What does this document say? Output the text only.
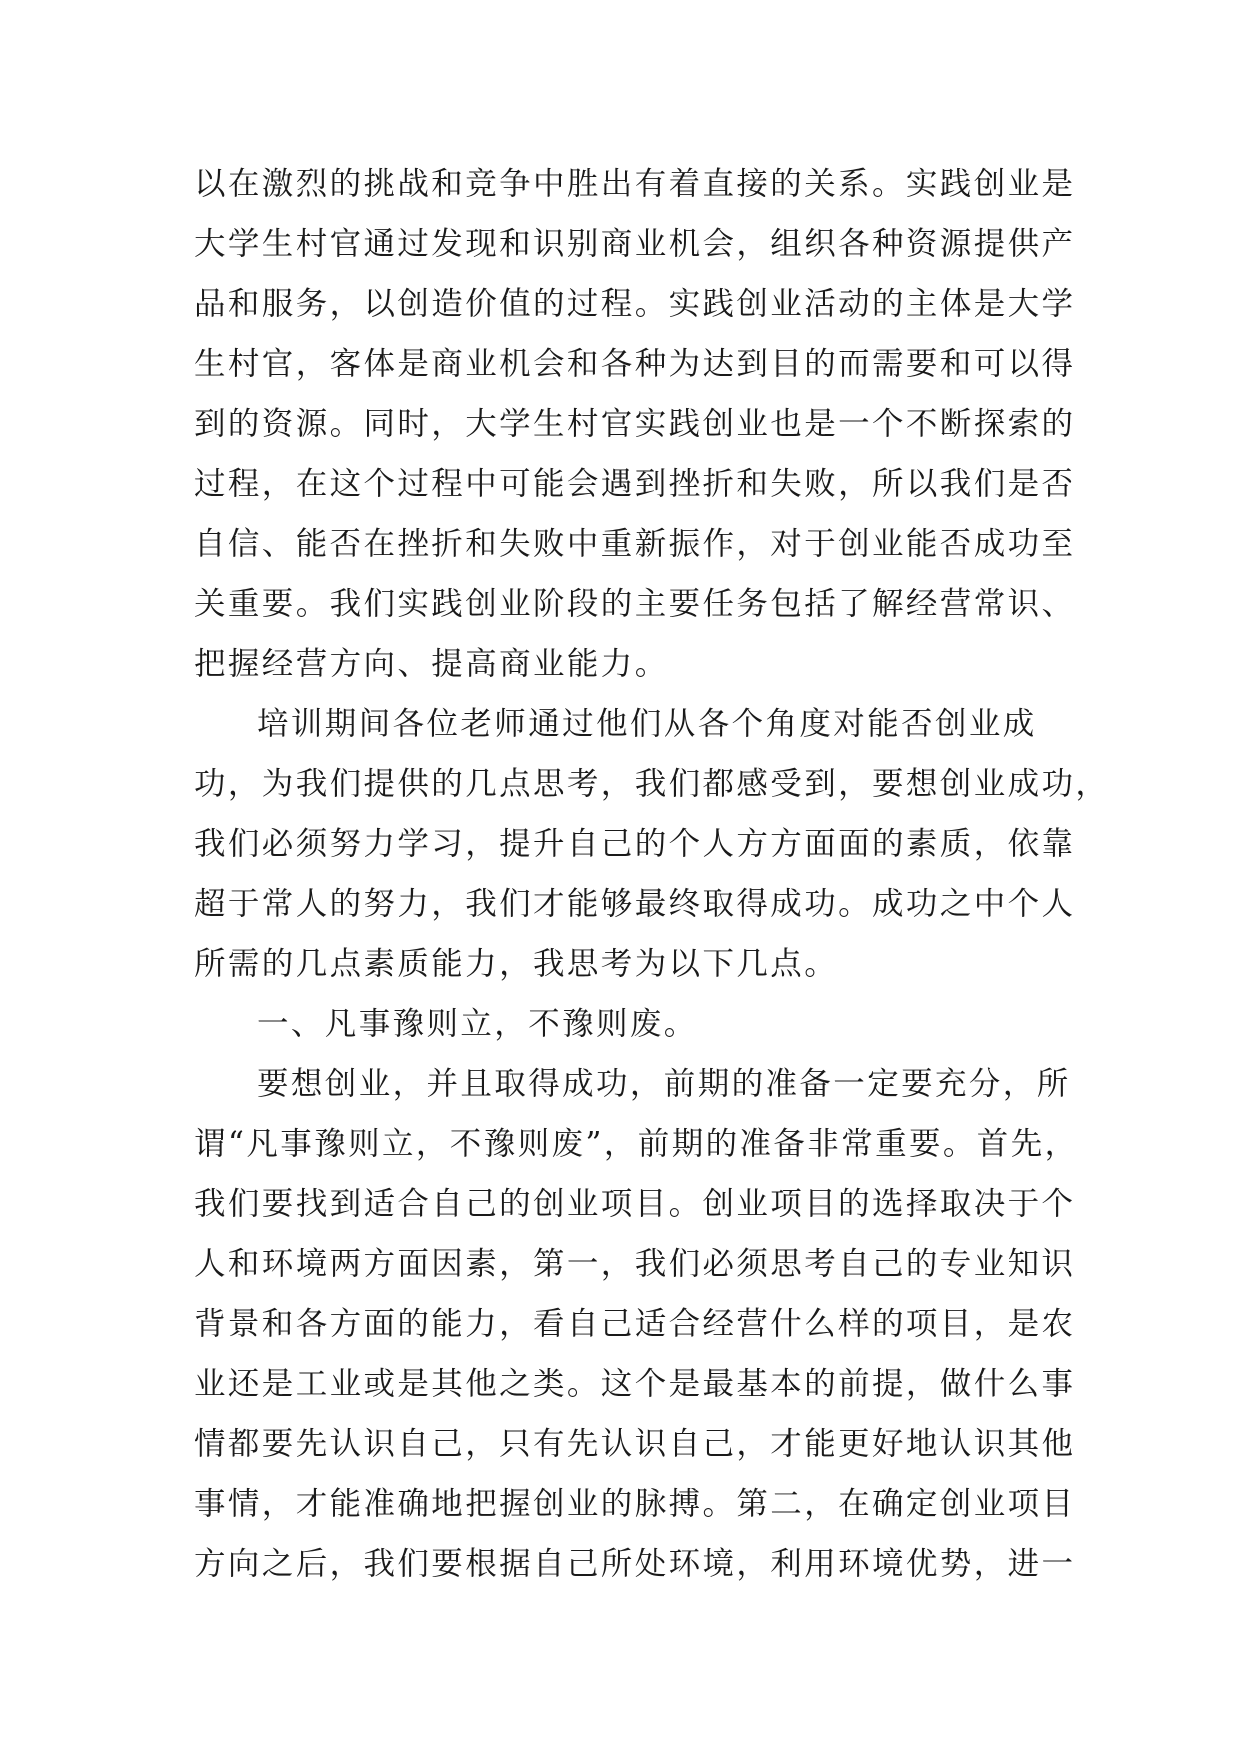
以在激烈的挑战和竞争中胜出有着直接的关系。实践创业是
大学生村官通过发现和识别商业机会，组织各种资源提供产
品和服务，以创造价值的过程。实践创业活动的主体是大学
生村官，客体是商业机会和各种为达到目的而需要和可以得
到的资源。同时，大学生村官实践创业也是一个不断探索的
过程，在这个过程中可能会遇到挫折和失败，所以我们是否
自信、能否在挫折和失败中重新振作，对于创业能否成功至
关重要。我们实践创业阶段的主要任务包括了解经营常识、
把握经营方向、提高商业能力。
培训期间各位老师通过他们从各个角度对能否创业成
功，为我们提供的几点思考，我们都感受到，要想创业成功，
我们必须努力学习，提升自己的个人方方面面的素质，依靠
超于常人的努力，我们才能够最终取得成功。成功之中个人
所需的几点素质能力，我思考为以下几点。
一、凡事豫则立，不豫则废。
要想创业，并且取得成功，前期的准备一定要充分，所
谓“凡事豫则立，不豫则废”，前期的准备非常重要。首先，
我们要找到适合自己的创业项目。创业项目的选择取决于个
人和环境两方面因素，第一，我们必须思考自己的专业知识
背景和各方面的能力，看自己适合经营什么样的项目，是农
业还是工业或是其他之类。这个是最基本的前提，做什么事
情都要先认识自己，只有先认识自己，才能更好地认识其他
事情，才能准确地把握创业的脉搏。第二，在确定创业项目
方向之后，我们要根据自己所处环境，利用环境优势，进一
